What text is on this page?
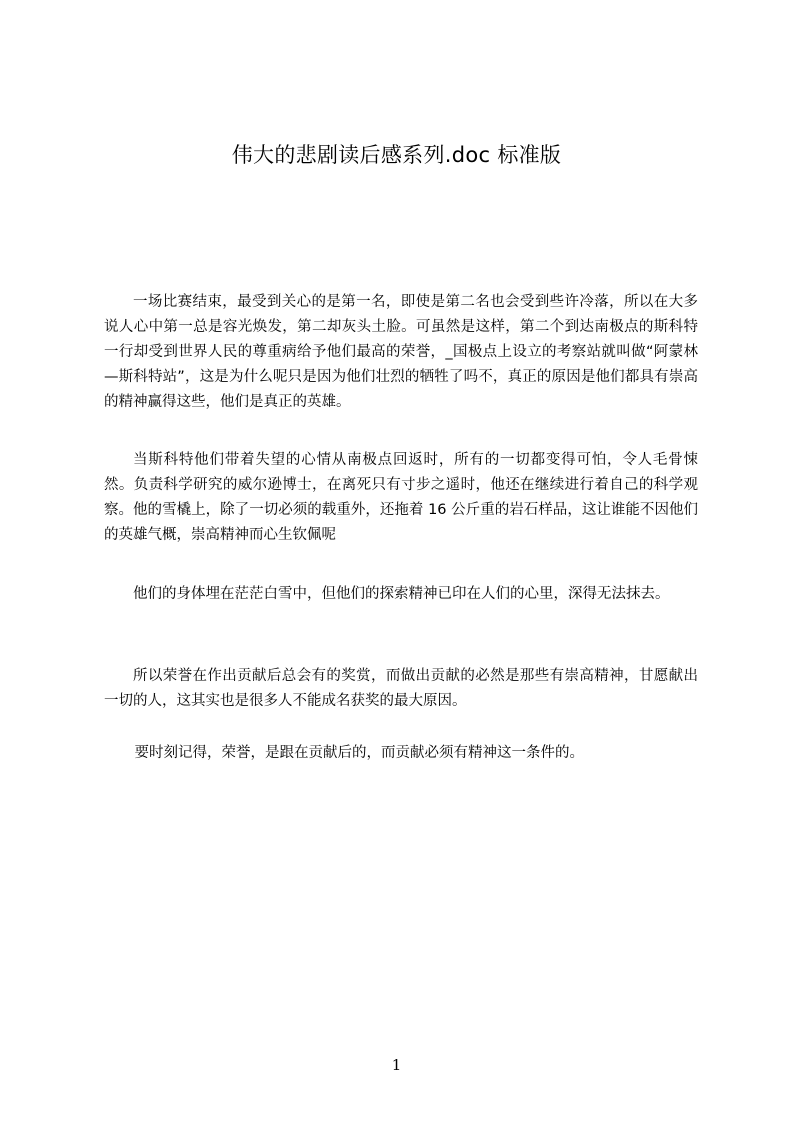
伟大的悲剧读后感系列.doc 标准版

一场比赛结束，最受到关心的是第一名，即使是第二名也会受到些许冷落，所以在大多说人心中第一总是容光焕发，第二却灰头土脸。可虽然是这样，第二个到达南极点的斯科特一行却受到世界人民的尊重病给予他们最高的荣誉，_国极点上设立的考察站就叫做“阿蒙林—斯科特站”，这是为什么呢只是因为他们壮烈的牺牲了吗不，真正的原因是他们都具有崇高的精神赢得这些，他们是真正的英雄。

当斯科特他们带着失望的心情从南极点回返时，所有的一切都变得可怕，令人毛骨悚然。负责科学研究的威尔逊博士，在离死只有寸步之遥时，他还在继续进行着自己的科学观察。他的雪橇上，除了一切必须的载重外，还拖着 16 公斤重的岩石样品，这让谁能不因他们的英雄气概，崇高精神而心生钦佩呢

他们的身体埋在茫茫白雪中，但他们的探索精神已印在人们的心里，深得无法抹去。

所以荣誉在作出贡献后总会有的奖赏，而做出贡献的必然是那些有崇高精神，甘愿献出一切的人，这其实也是很多人不能成名获奖的最大原因。

要时刻记得，荣誉，是跟在贡献后的，而贡献必须有精神这一条件的。

1
